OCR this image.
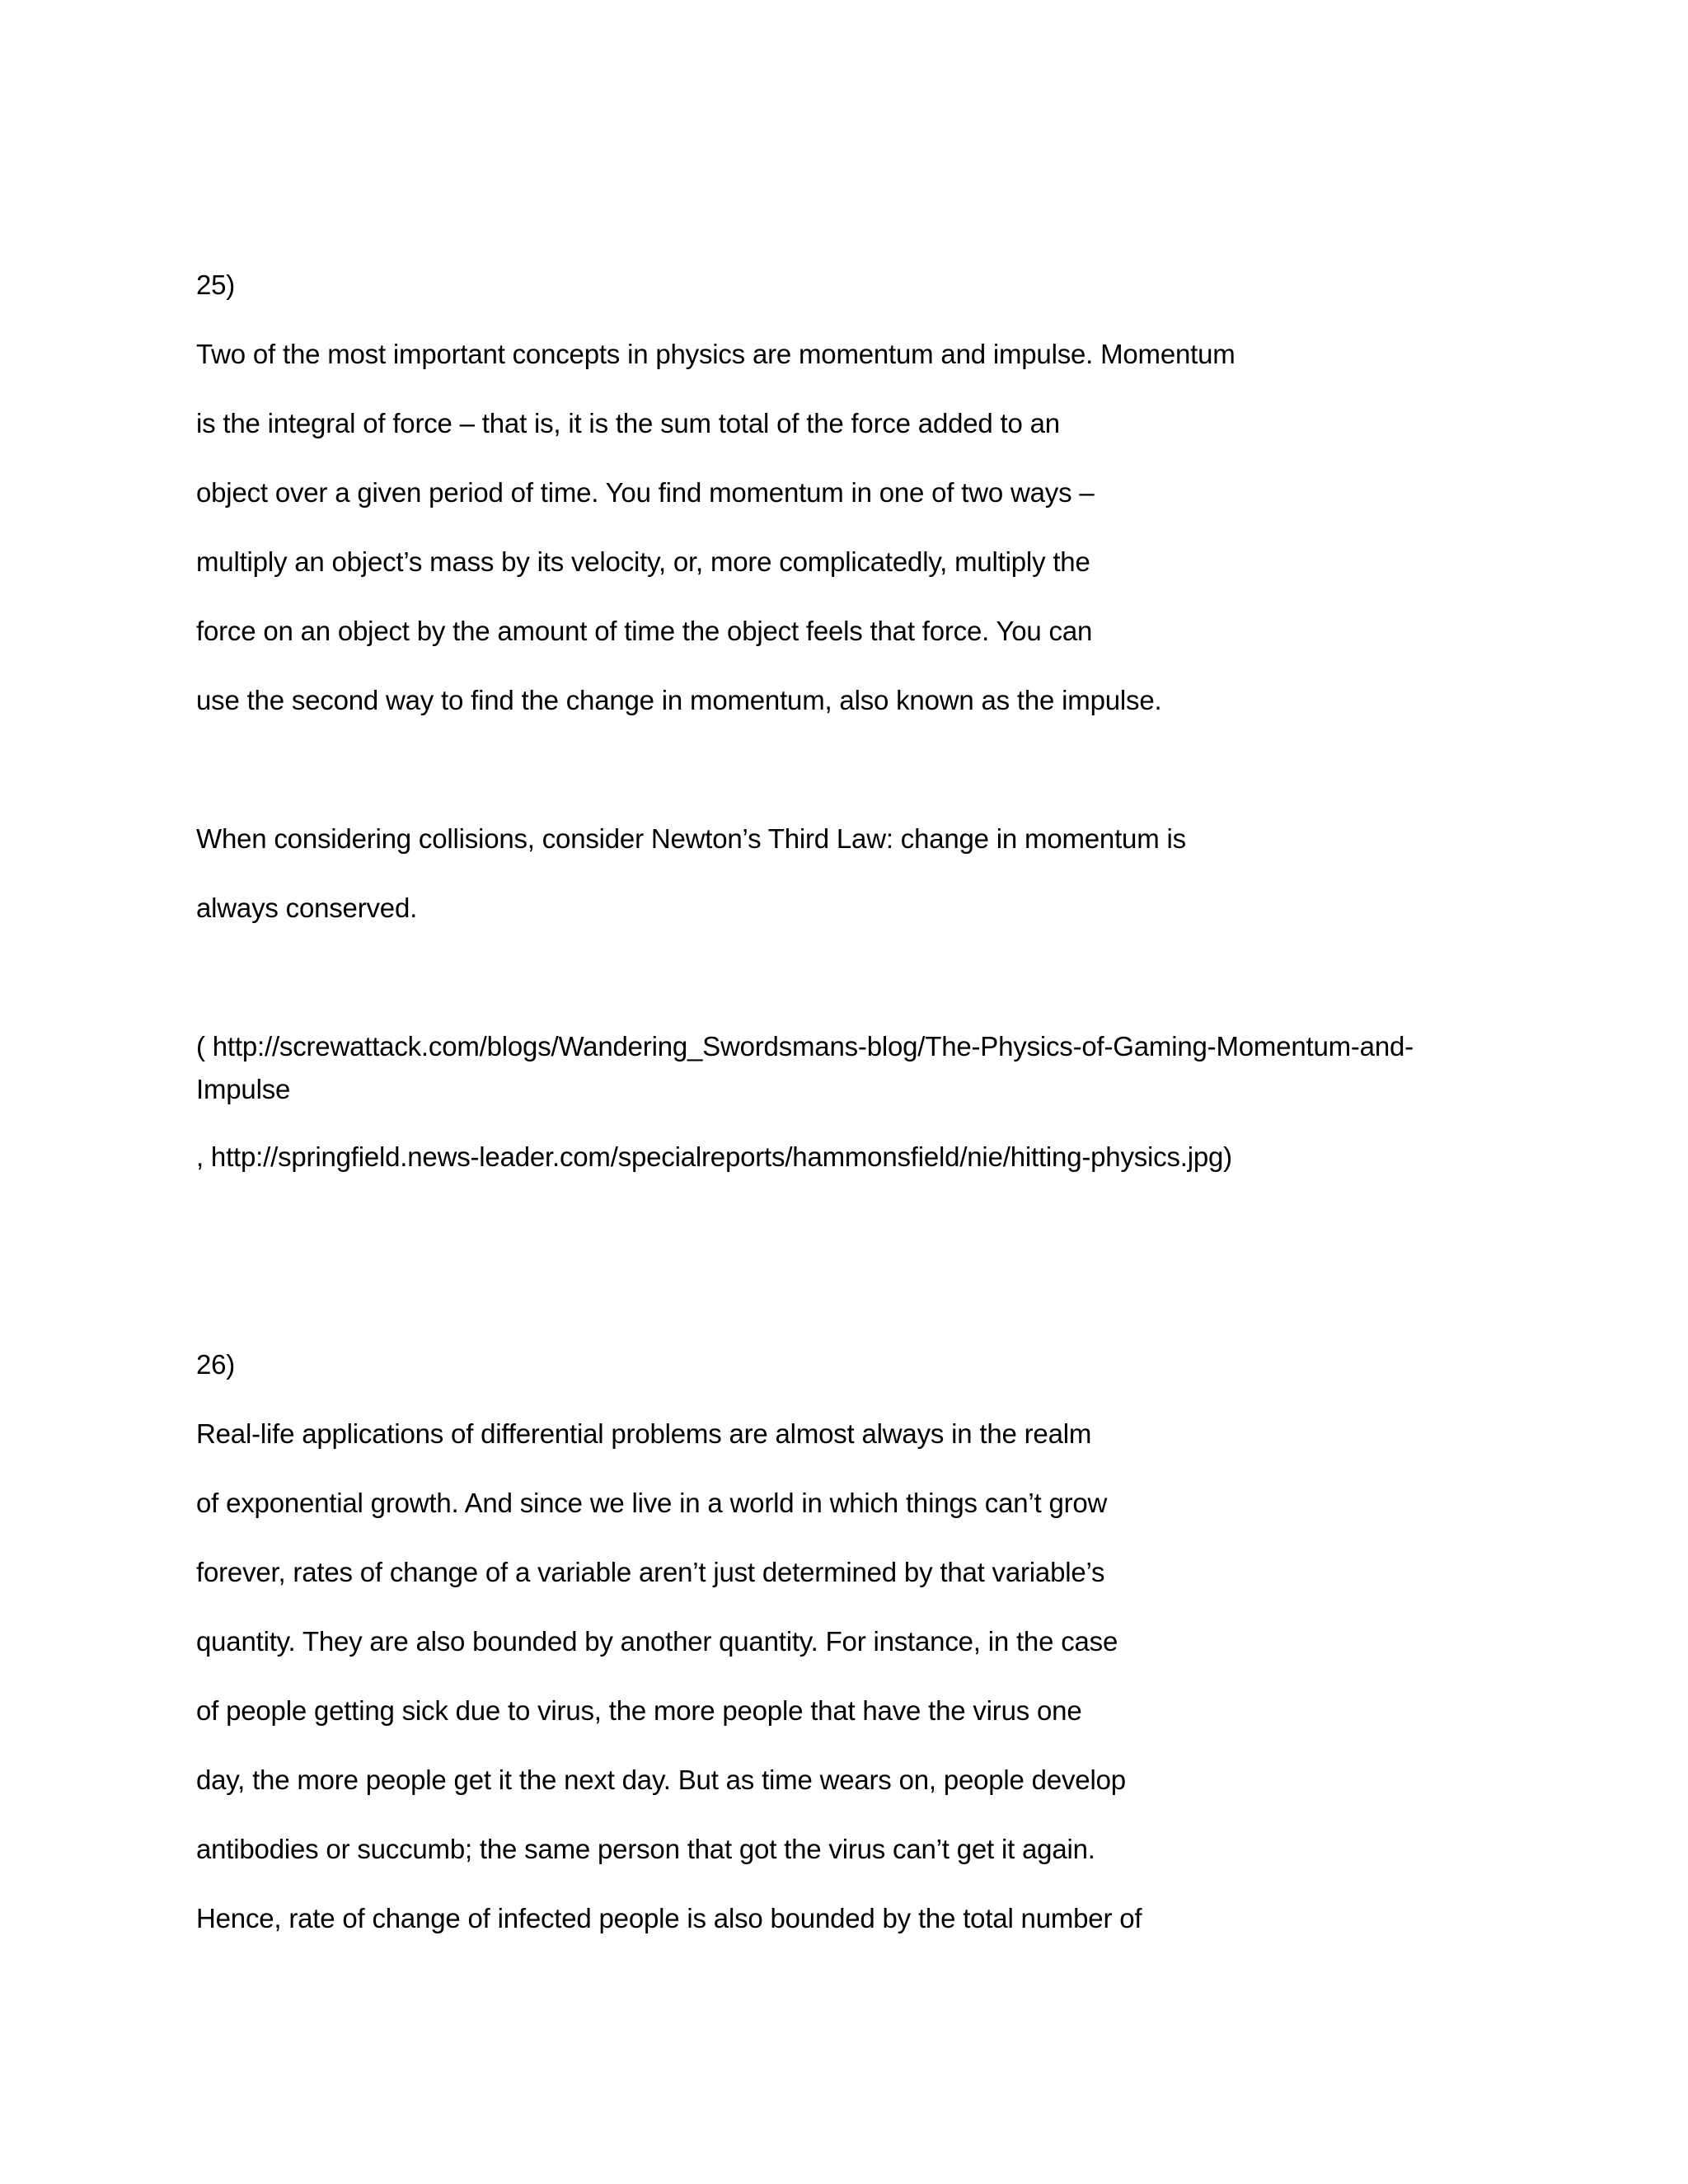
25)
Two of the most important concepts in physics are momentum and impulse. Momentum
is the integral of force – that is, it is the sum total of the force added to an
object over a given period of time. You find momentum in one of two ways –
multiply an object’s mass by its velocity, or, more complicatedly, multiply the
force on an object by the amount of time the object feels that force. You can
use the second way to find the change in momentum, also known as the impulse.
When considering collisions, consider Newton’s Third Law: change in momentum is
always conserved.
( http://screwattack.com/blogs/Wandering_Swordsmans-blog/The-Physics-of-Gaming-Momentum-and-
Impulse
, http://springfield.news-leader.com/specialreports/hammonsfield/nie/hitting-physics.jpg)
26)
Real-life applications of differential problems are almost always in the realm
of exponential growth. And since we live in a world in which things can’t grow
forever, rates of change of a variable aren’t just determined by that variable’s
quantity. They are also bounded by another quantity. For instance, in the case
of people getting sick due to virus, the more people that have the virus one
day, the more people get it the next day. But as time wears on, people develop
antibodies or succumb; the same person that got the virus can’t get it again.
Hence, rate of change of infected people is also bounded by the total number of
